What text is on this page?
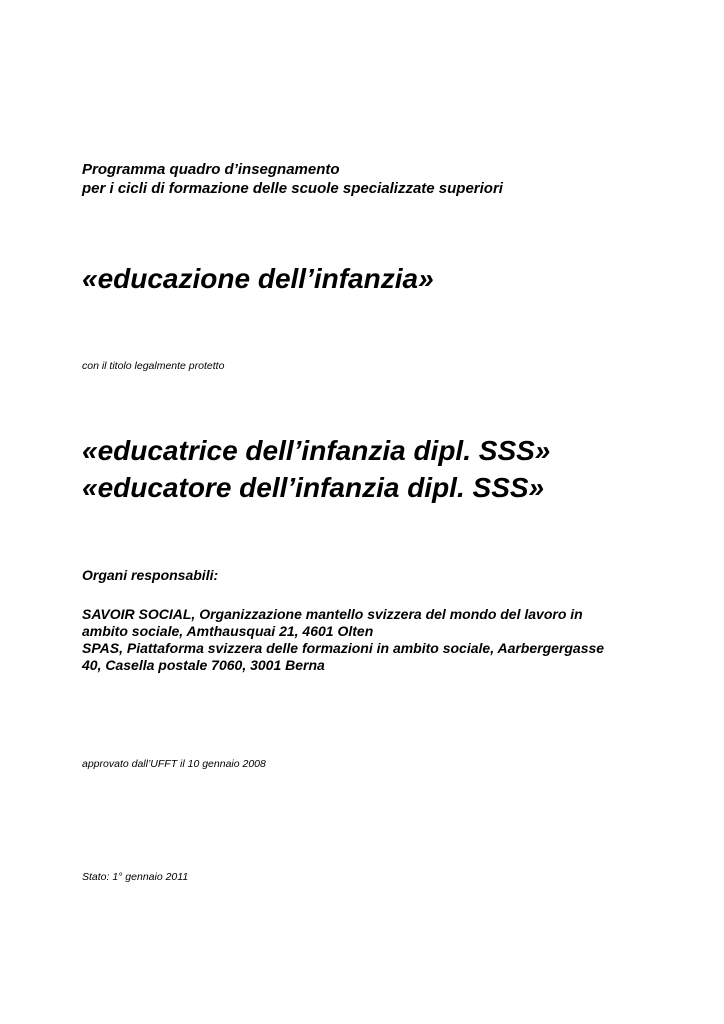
Programma quadro d’insegnamento
per i cicli di formazione delle scuole specializzate superiori
«educazione dell’infanzia»
con il titolo legalmente protetto
«educatrice dell’infanzia dipl. SSS»
«educatore dell’infanzia dipl. SSS»
Organi responsabili:
SAVOIR SOCIAL, Organizzazione mantello svizzera del mondo del lavoro in
ambito sociale, Amthausquai 21, 4601 Olten
SPAS, Piattaforma svizzera delle formazioni in ambito sociale, Aarbergergasse
40, Casella postale 7060, 3001 Berna
approvato dall’UFFT il 10 gennaio 2008
Stato: 1° gennaio 2011
